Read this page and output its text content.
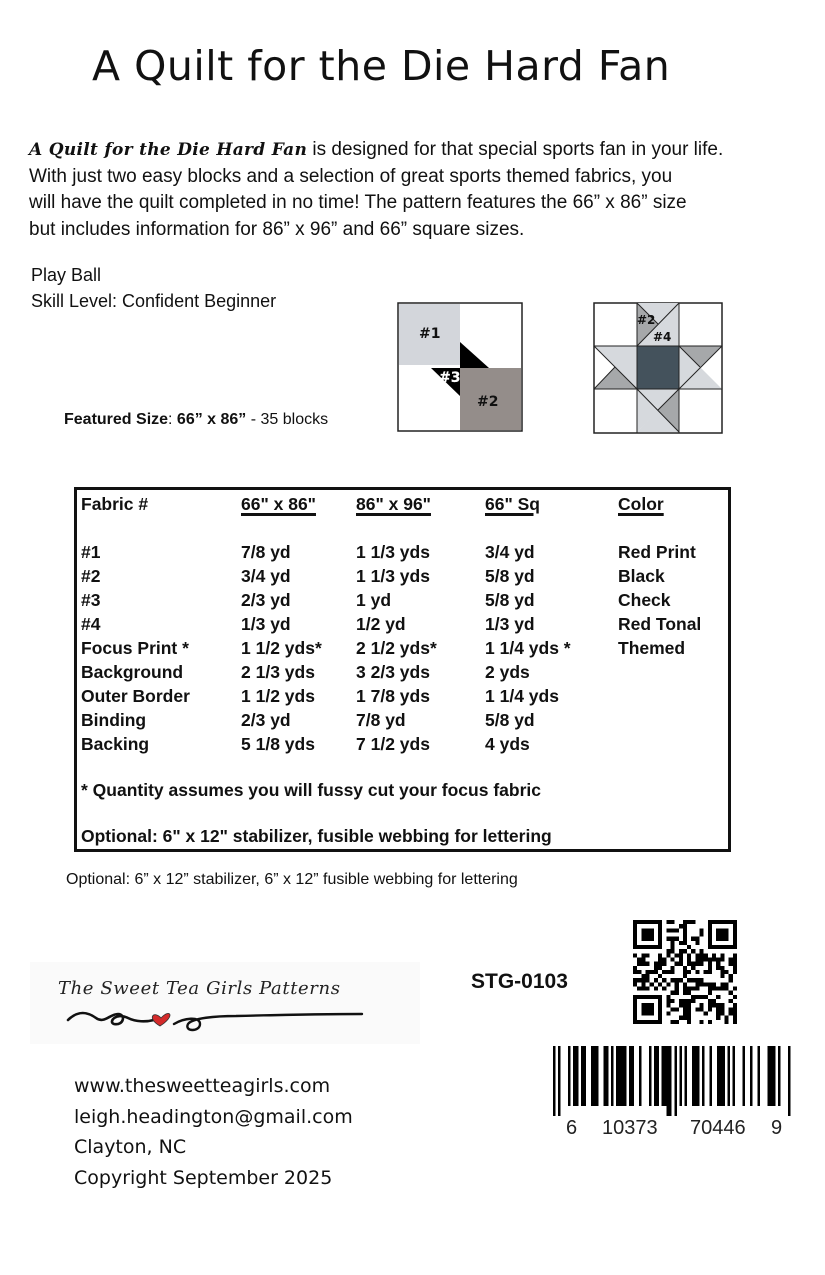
A Quilt for the Die Hard Fan
A Quilt for the Die Hard Fan is designed for that special sports fan in your life.
With just two easy blocks and a selection of great sports themed fabrics, you
will have the quilt completed in no time! The pattern features the 66” x 86” size
but includes information for 86” x 96” and 66” square sizes.
Play Ball
Skill Level: Confident Beginner
Featured Size: 66” x 86” - 35 blocks
#1
#3
#2
#2
#4
Fabric #	66" x 86"	86" x 96"	66" Sq	Color

#1	7/8 yd	1 1/3 yds	3/4 yd	Red Print
#2	3/4 yd	1 1/3 yds	5/8 yd	Black
#3	2/3 yd	1 yd	5/8 yd	Check
#4	1/3 yd	1/2 yd	1/3 yd	Red Tonal
Focus Print *	1 1/2 yds*	2 1/2 yds*	1 1/4 yds *	Themed
Background	2 1/3 yds	3 2/3 yds	2 yds	
Outer Border	1 1/2 yds	1 7/8 yds	1 1/4 yds	
Binding	2/3 yd	7/8 yd	5/8 yd	
Backing	5 1/8 yds	7 1/2 yds	4 yds	
* Quantity assumes you will fussy cut your focus fabric
Optional: 6" x 12" stabilizer, fusible webbing for lettering
Optional: 6” x 12” stabilizer, 6” x 12” fusible webbing for lettering
The Sweet Tea Girls Patterns	STG-0103
6 10373 70446 9
www.thesweetteagirls.com
leigh.headington@gmail.com
Clayton, NC
Copyright September 2025
